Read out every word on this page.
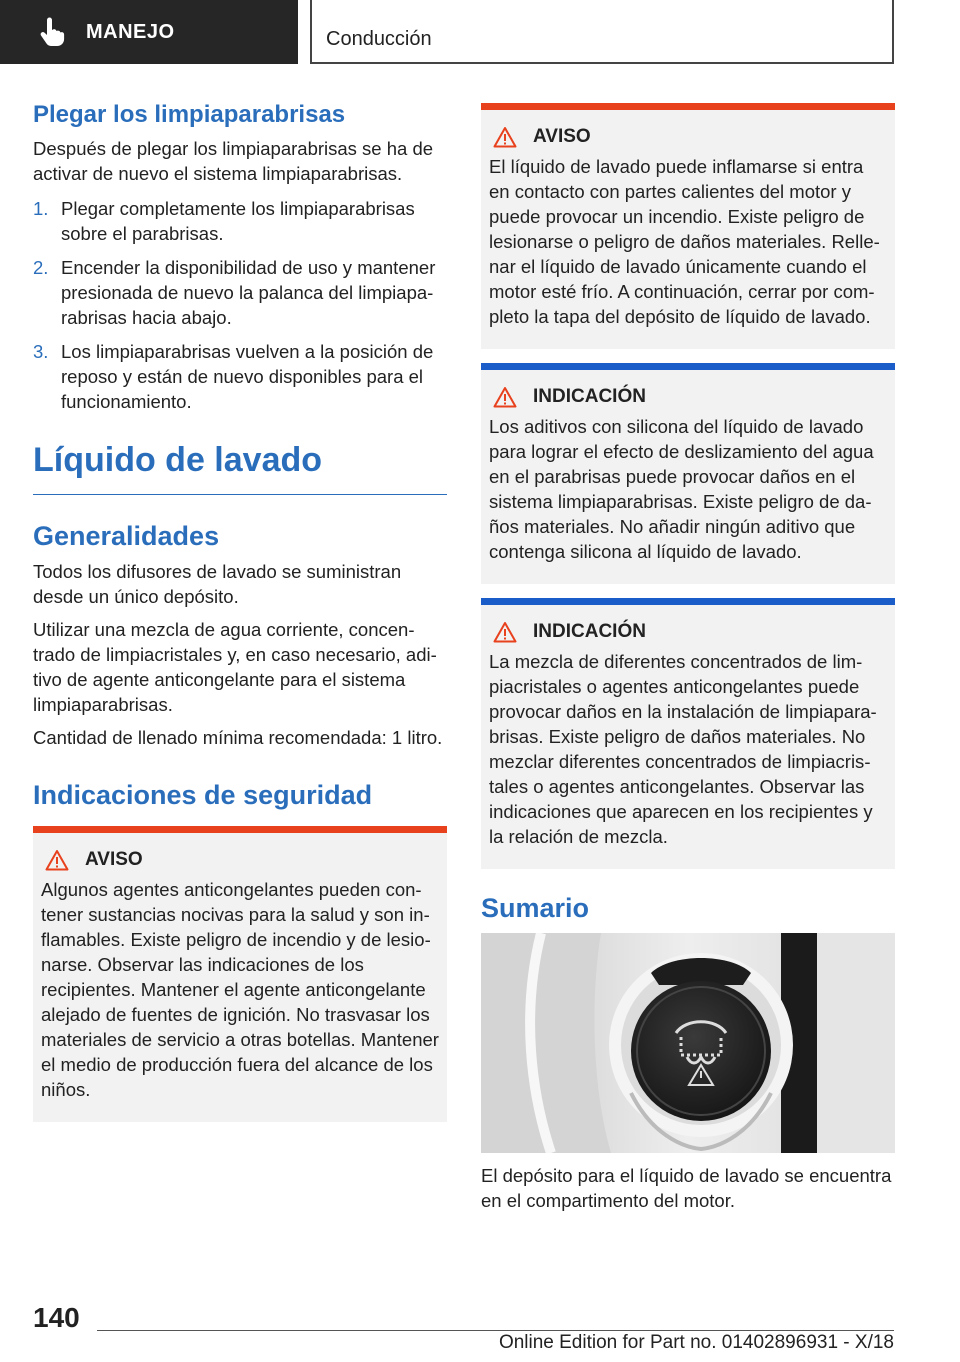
MANEJO	Conducción
Plegar los limpiaparabrisas

Después de plegar los limpiaparabrisas se ha de activar de nuevo el sistema limpiaparabrisas.

1. Plegar completamente los limpiaparabrisas sobre el parabrisas.
2. Encender la disponibilidad de uso y mantener presionada de nuevo la palanca del limpiaparabrisas hacia abajo.
3. Los limpiaparabrisas vuelven a la posición de reposo y están de nuevo disponibles para el funcionamiento.
Líquido de lavado
Generalidades

Todos los difusores de lavado se suministran desde un único depósito.

Utilizar una mezcla de agua corriente, concentrado de limpiacristales y, en caso necesario, aditivo de agente anticongelante para el sistema limpiaparabrisas.

Cantidad de llenado mínima recomendada: 1 litro.

Indicaciones de seguridad
AVISO

Algunos agentes anticongelantes pueden contener sustancias nocivas para la salud y son inflamables. Existe peligro de incendio y de lesionarse. Observar las indicaciones de los recipientes. Mantener el agente anticongelante alejado de fuentes de ignición. No trasvasar los materiales de servicio a otras botellas. Mantener el medio de producción fuera del alcance de los niños.

AVISO

El líquido de lavado puede inflamarse si entra en contacto con partes calientes del motor y puede provocar un incendio. Existe peligro de lesionarse o peligro de daños materiales. Rellenar el líquido de lavado únicamente cuando el motor esté frío. A continuación, cerrar por completo la tapa del depósito de líquido de lavado.

INDICACIÓN

Los aditivos con silicona del líquido de lavado para lograr el efecto de deslizamiento del agua en el parabrisas puede provocar daños en el sistema limpiaparabrisas. Existe peligro de daños materiales. No añadir ningún aditivo que contenga silicona al líquido de lavado.

INDICACIÓN

La mezcla de diferentes concentrados de limpiacristales o agentes anticongelantes puede provocar daños en la instalación de limpiaparabrisas. Existe peligro de daños materiales. No mezclar diferentes concentrados de limpiacristales o agentes anticongelantes. Observar las indicaciones que aparecen en los recipientes y la relación de mezcla.

Sumario

El depósito para el líquido de lavado se encuentra en el compartimento del motor.

140
Online Edition for Part no. 01402896931 - X/18
